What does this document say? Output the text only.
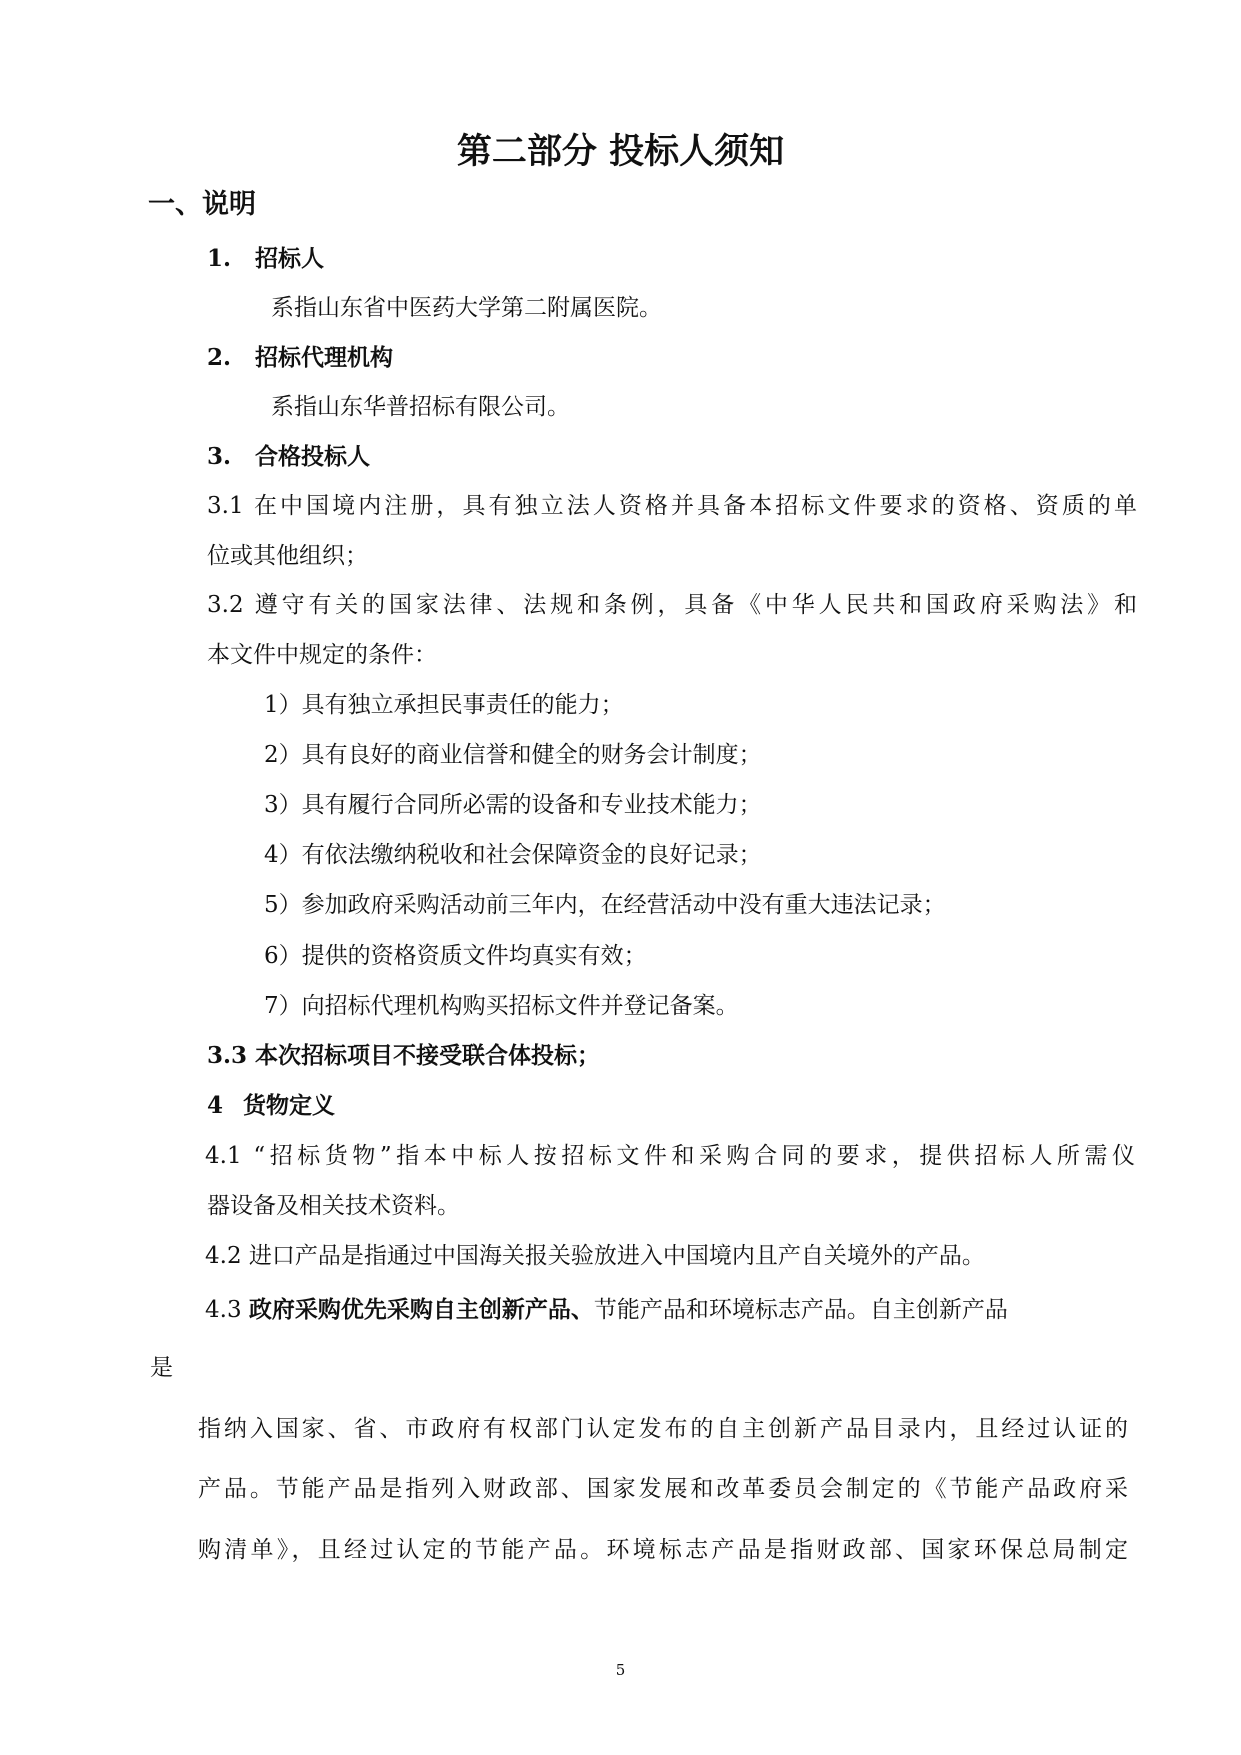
第二部分 投标人须知
一、说明
1. 招标人
系指山东省中医药大学第二附属医院。
2. 招标代理机构
系指山东华普招标有限公司。
3. 合格投标人
3.1 在中国境内注册，具有独立法人资格并具备本招标文件要求的资格、资质的单
位或其他组织；
3.2 遵守有关的国家法律、法规和条例，具备《中华人民共和国政府采购法》和
本文件中规定的条件：
1）具有独立承担民事责任的能力；
2）具有良好的商业信誉和健全的财务会计制度；
3）具有履行合同所必需的设备和专业技术能力；
4）有依法缴纳税收和社会保障资金的良好记录；
5）参加政府采购活动前三年内，在经营活动中没有重大违法记录；
6）提供的资格资质文件均真实有效；
7）向招标代理机构购买招标文件并登记备案。
3.3 本次招标项目不接受联合体投标；
4 货物定义
4.1 “招标货物”指本中标人按招标文件和采购合同的要求，提供招标人所需仪
器设备及相关技术资料。
4.2 进口产品是指通过中国海关报关验放进入中国境内且产自关境外的产品。
4.3 政府采购优先采购自主创新产品、节能产品和环境标志产品。自主创新产品
是
指纳入国家、省、市政府有权部门认定发布的自主创新产品目录内，且经过认证的
产品。节能产品是指列入财政部、国家发展和改革委员会制定的《节能产品政府采
购清单》，且经过认定的节能产品。环境标志产品是指财政部、国家环保总局制定
5
